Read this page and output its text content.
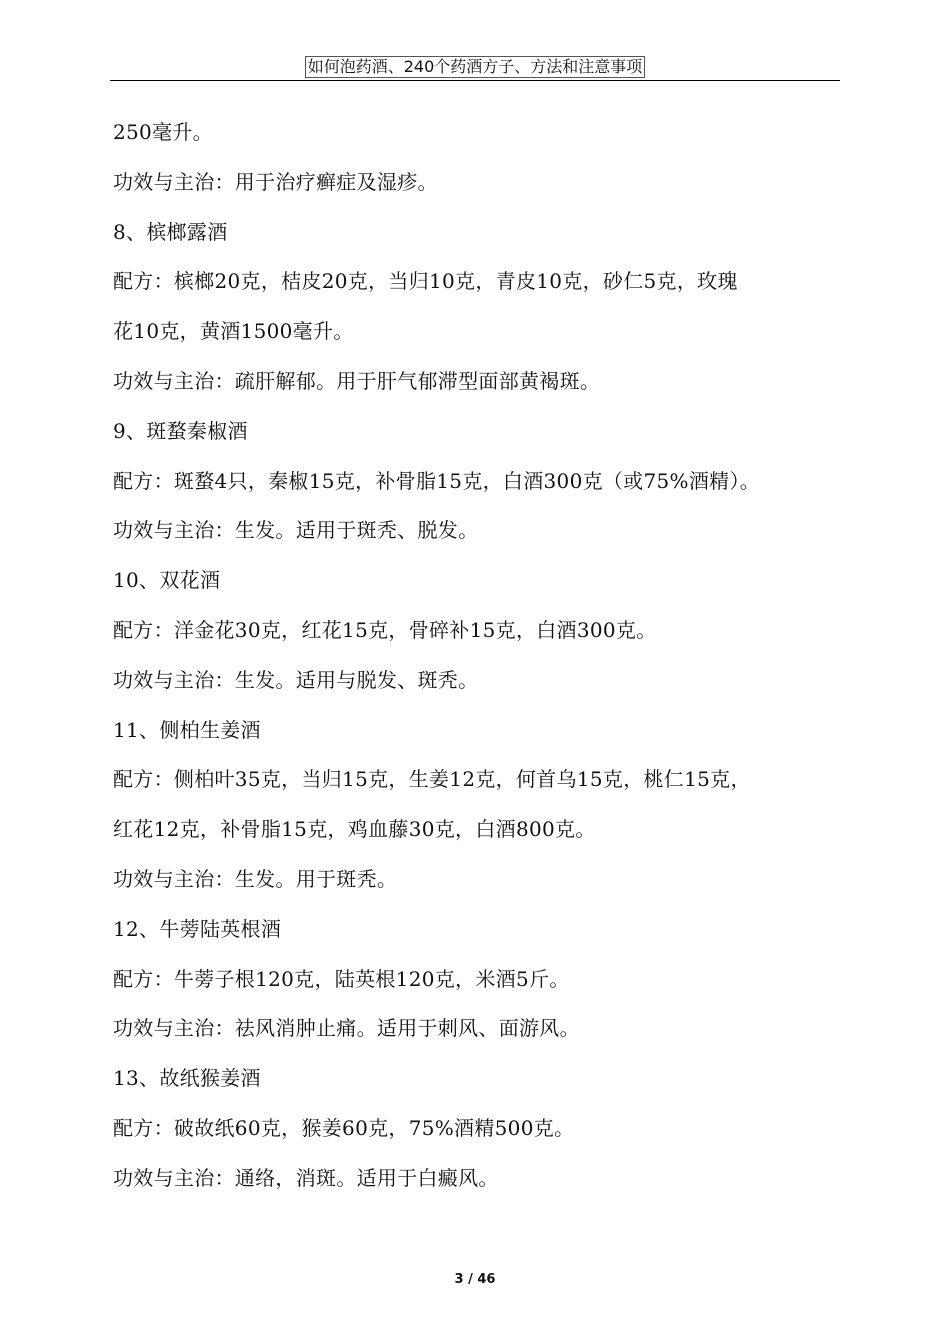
如何泡药酒、240个药酒方子、方法和注意事项
250毫升。
功效与主治：用于治疗癣症及湿疹。
8、槟榔露酒
配方：槟榔20克，桔皮20克，当归10克，青皮10克，砂仁5克，玫瑰
花10克，黄酒1500毫升。
功效与主治：疏肝解郁。用于肝气郁滞型面部黄褐斑。
9、斑蝥秦椒酒
配方：斑蝥4只，秦椒15克，补骨脂15克，白酒300克（或75%酒精）。
功效与主治：生发。适用于斑秃、脱发。
10、双花酒
配方：洋金花30克，红花15克，骨碎补15克，白酒300克。
功效与主治：生发。适用与脱发、斑秃。
11、侧柏生姜酒
配方：侧柏叶35克，当归15克，生姜12克，何首乌15克，桃仁15克，
红花12克，补骨脂15克，鸡血藤30克，白酒800克。
功效与主治：生发。用于斑秃。
12、牛蒡陆英根酒
配方：牛蒡子根120克，陆英根120克，米酒5斤。
功效与主治：祛风消肿止痛。适用于刺风、面游风。
13、故纸猴姜酒
配方：破故纸60克，猴姜60克，75%酒精500克。
功效与主治：通络，消斑。适用于白癜风。
3 / 46
